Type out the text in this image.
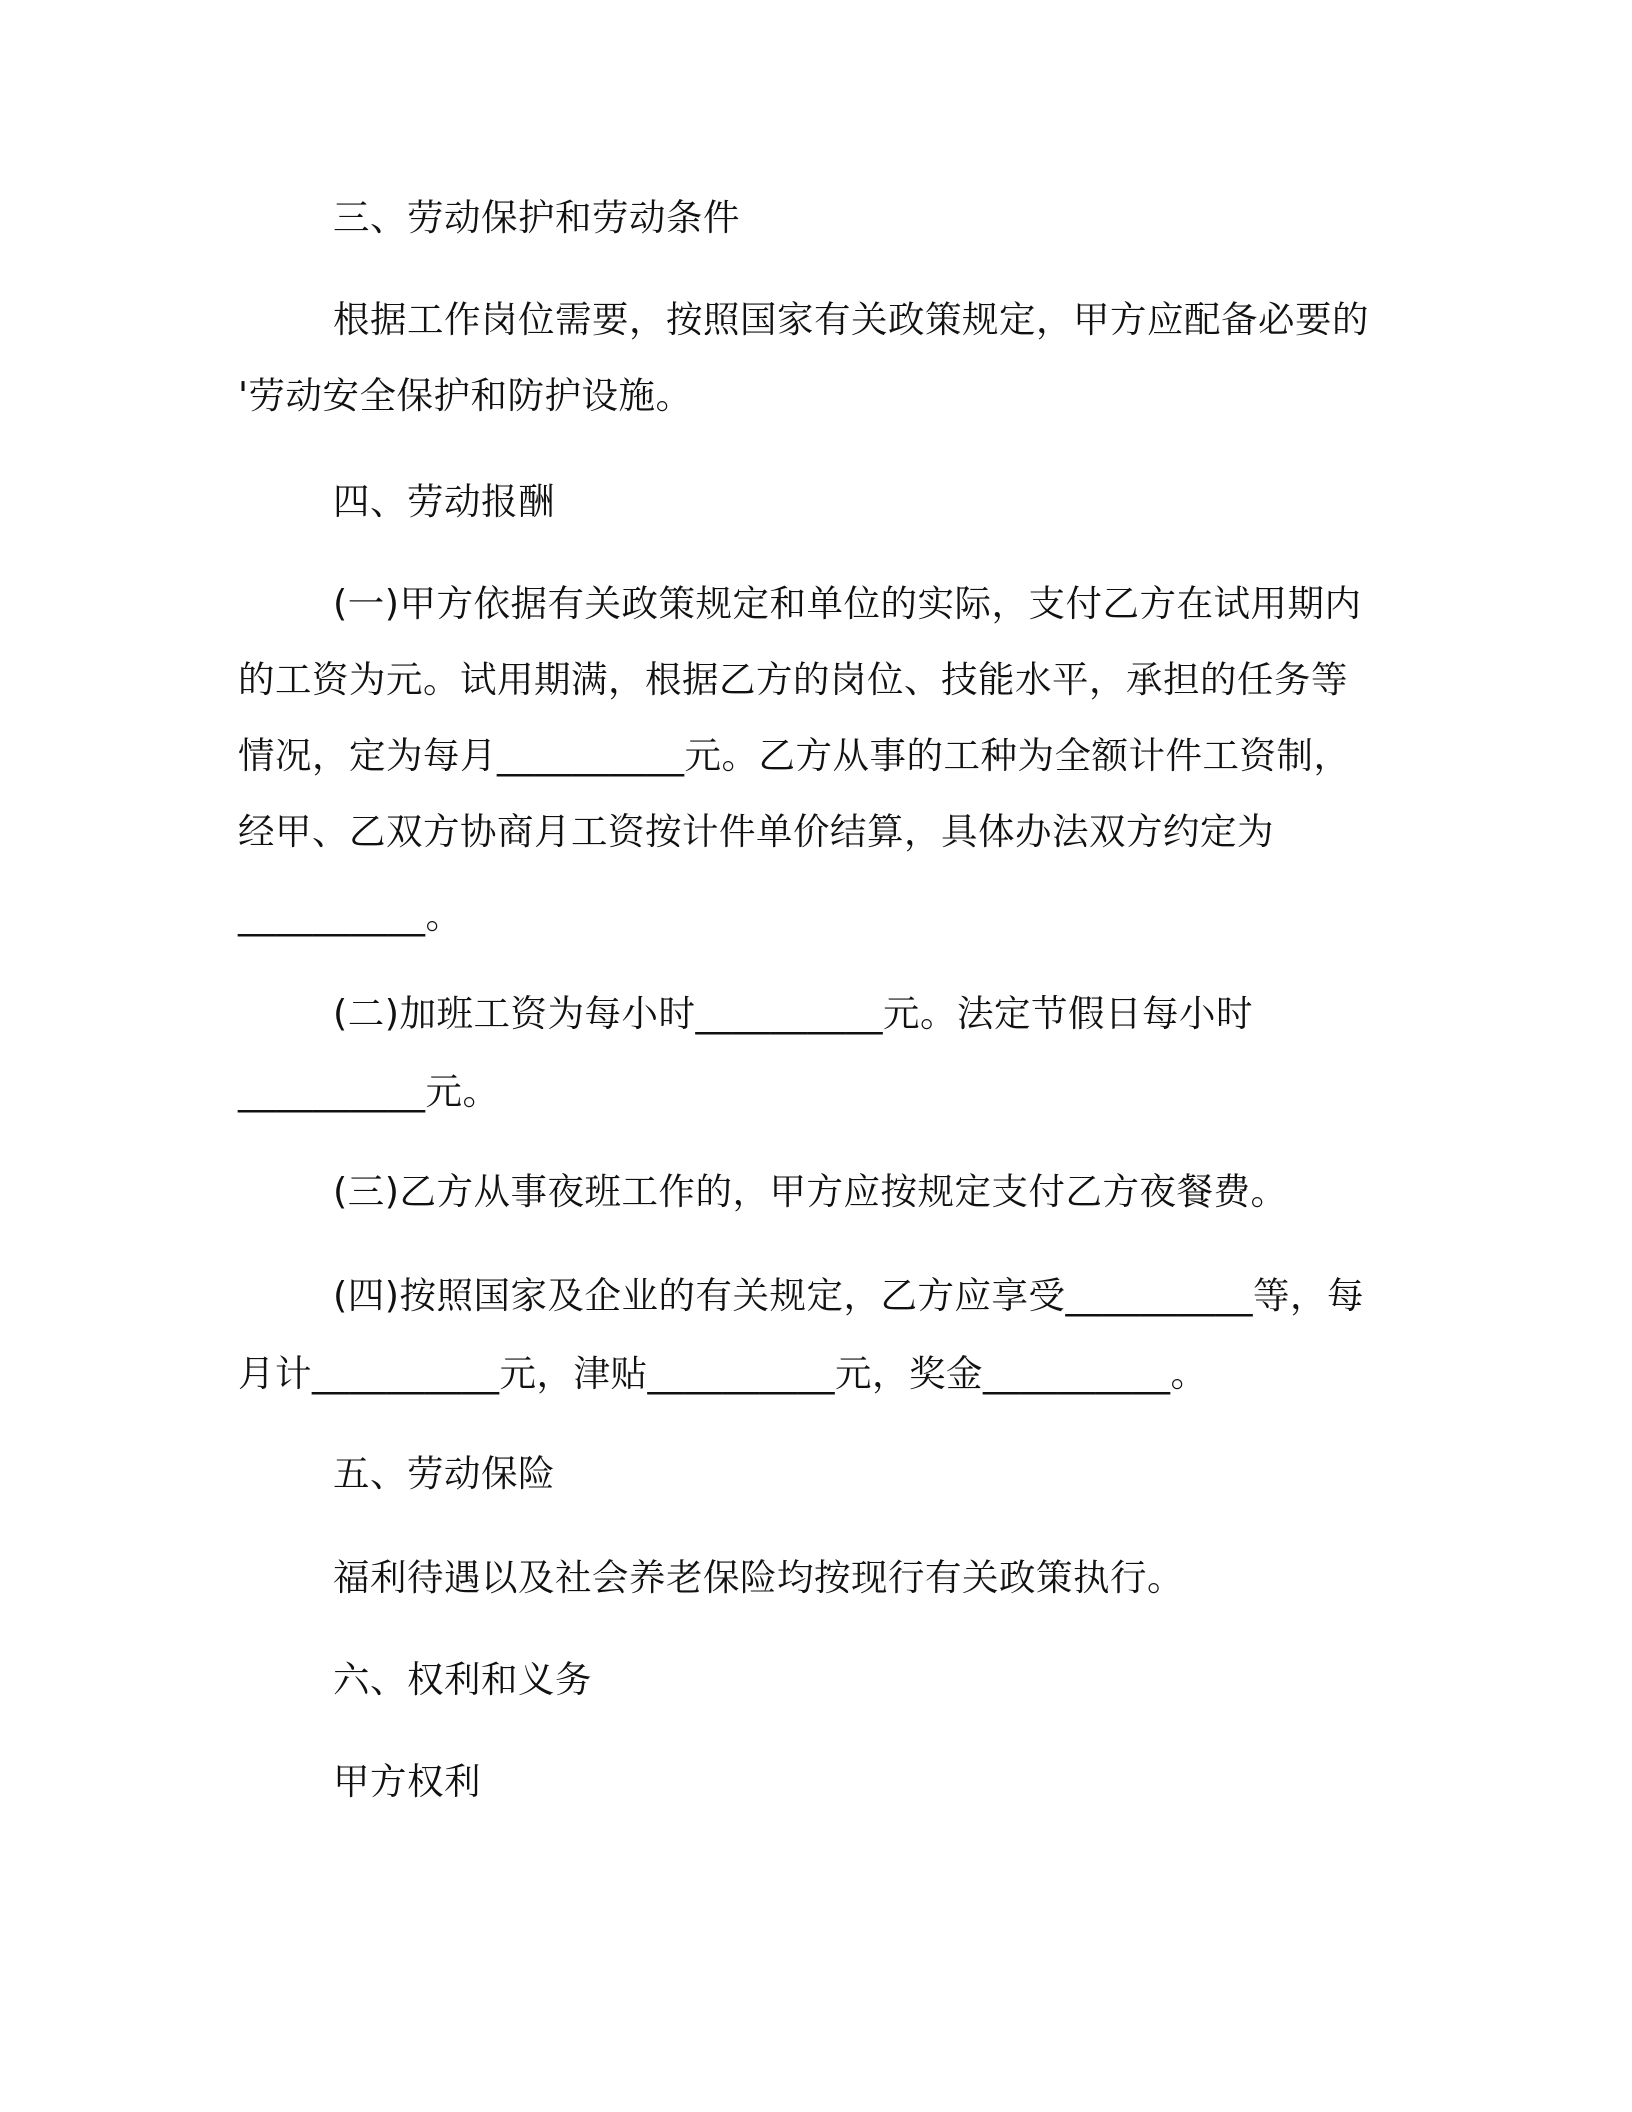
三、劳动保护和劳动条件

根据工作岗位需要，按照国家有关政策规定，甲方应配备必要的

'劳动安全保护和防护设施。

四、劳动报酬

(一)甲方依据有关政策规定和单位的实际，支付乙方在试用期内

的工资为元。试用期满，根据乙方的岗位、技能水平，承担的任务等

情况，定为每月__________元。乙方从事的工种为全额计件工资制，

经甲、乙双方协商月工资按计件单价结算，具体办法双方约定为

__________。

(二)加班工资为每小时__________元。法定节假日每小时

__________元。

(三)乙方从事夜班工作的，甲方应按规定支付乙方夜餐费。

(四)按照国家及企业的有关规定，乙方应享受__________等，每

月计__________元，津贴__________元，奖金__________。

五、劳动保险

福利待遇以及社会养老保险均按现行有关政策执行。

六、权利和义务

甲方权利
